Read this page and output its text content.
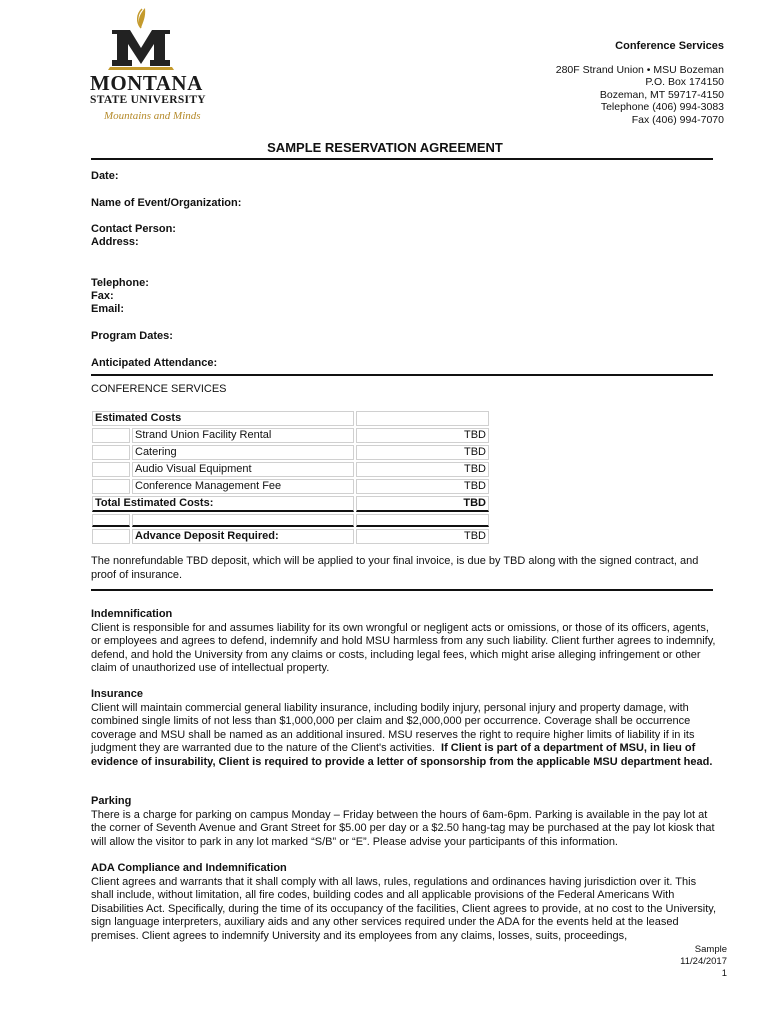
MONTANA
STATE UNIVERSITY
Mountains and Minds
Conference Services
280F Strand Union • MSU Bozeman
P.O. Box 174150
Bozeman, MT 59717-4150
Telephone (406) 994-3083
Fax (406) 994-7070
SAMPLE RESERVATION AGREEMENT
Date:
Name of Event/Organization:
Contact Person:
Address:
Telephone:
Fax:
Email:
Program Dates:
Anticipated Attendance:
CONFERENCE SERVICES
Estimated Costs		
	Strand Union Facility Rental	TBD
	Catering	TBD
	Audio Visual Equipment	TBD
	Conference Management Fee	TBD
Total Estimated Costs:		TBD

	Advance Deposit Required:	TBD
The nonrefundable TBD deposit, which will be applied to your final invoice, is due by TBD along with the signed contract, and proof of insurance.
Indemnification
Client is responsible for and assumes liability for its own wrongful or negligent acts or omissions, or those of its officers, agents, or employees and agrees to defend, indemnify and hold MSU harmless from any such liability. Client further agrees to indemnify, defend, and hold the University from any claims or costs, including legal fees, which might arise alleging infringement or other claim of unauthorized use of intellectual property.
Insurance
Client will maintain commercial general liability insurance, including bodily injury, personal injury and property damage, with combined single limits of not less than $1,000,000 per claim and $2,000,000 per occurrence. Coverage shall be occurrence coverage and MSU shall be named as an additional insured. MSU reserves the right to require higher limits of liability if in its judgment they are warranted due to the nature of the Client's activities. If Client is part of a department of MSU, in lieu of evidence of insurability, Client is required to provide a letter of sponsorship from the applicable MSU department head.
Parking
There is a charge for parking on campus Monday – Friday between the hours of 6am-6pm. Parking is available in the pay lot at the corner of Seventh Avenue and Grant Street for $5.00 per day or a $2.50 hang-tag may be purchased at the pay lot kiosk that will allow the visitor to park in any lot marked “S/B” or “E”. Please advise your participants of this information.
ADA Compliance and Indemnification
Client agrees and warrants that it shall comply with all laws, rules, regulations and ordinances having jurisdiction over it. This shall include, without limitation, all fire codes, building codes and all applicable provisions of the Federal Americans With Disabilities Act. Specifically, during the time of its occupancy of the facilities, Client agrees to provide, at no cost to the University, sign language interpreters, auxiliary aids and any other services required under the ADA for the events held at the leased premises. Client agrees to indemnify University and its employees from any claims, losses, suits, proceedings,
Sample
11/24/2017
1
